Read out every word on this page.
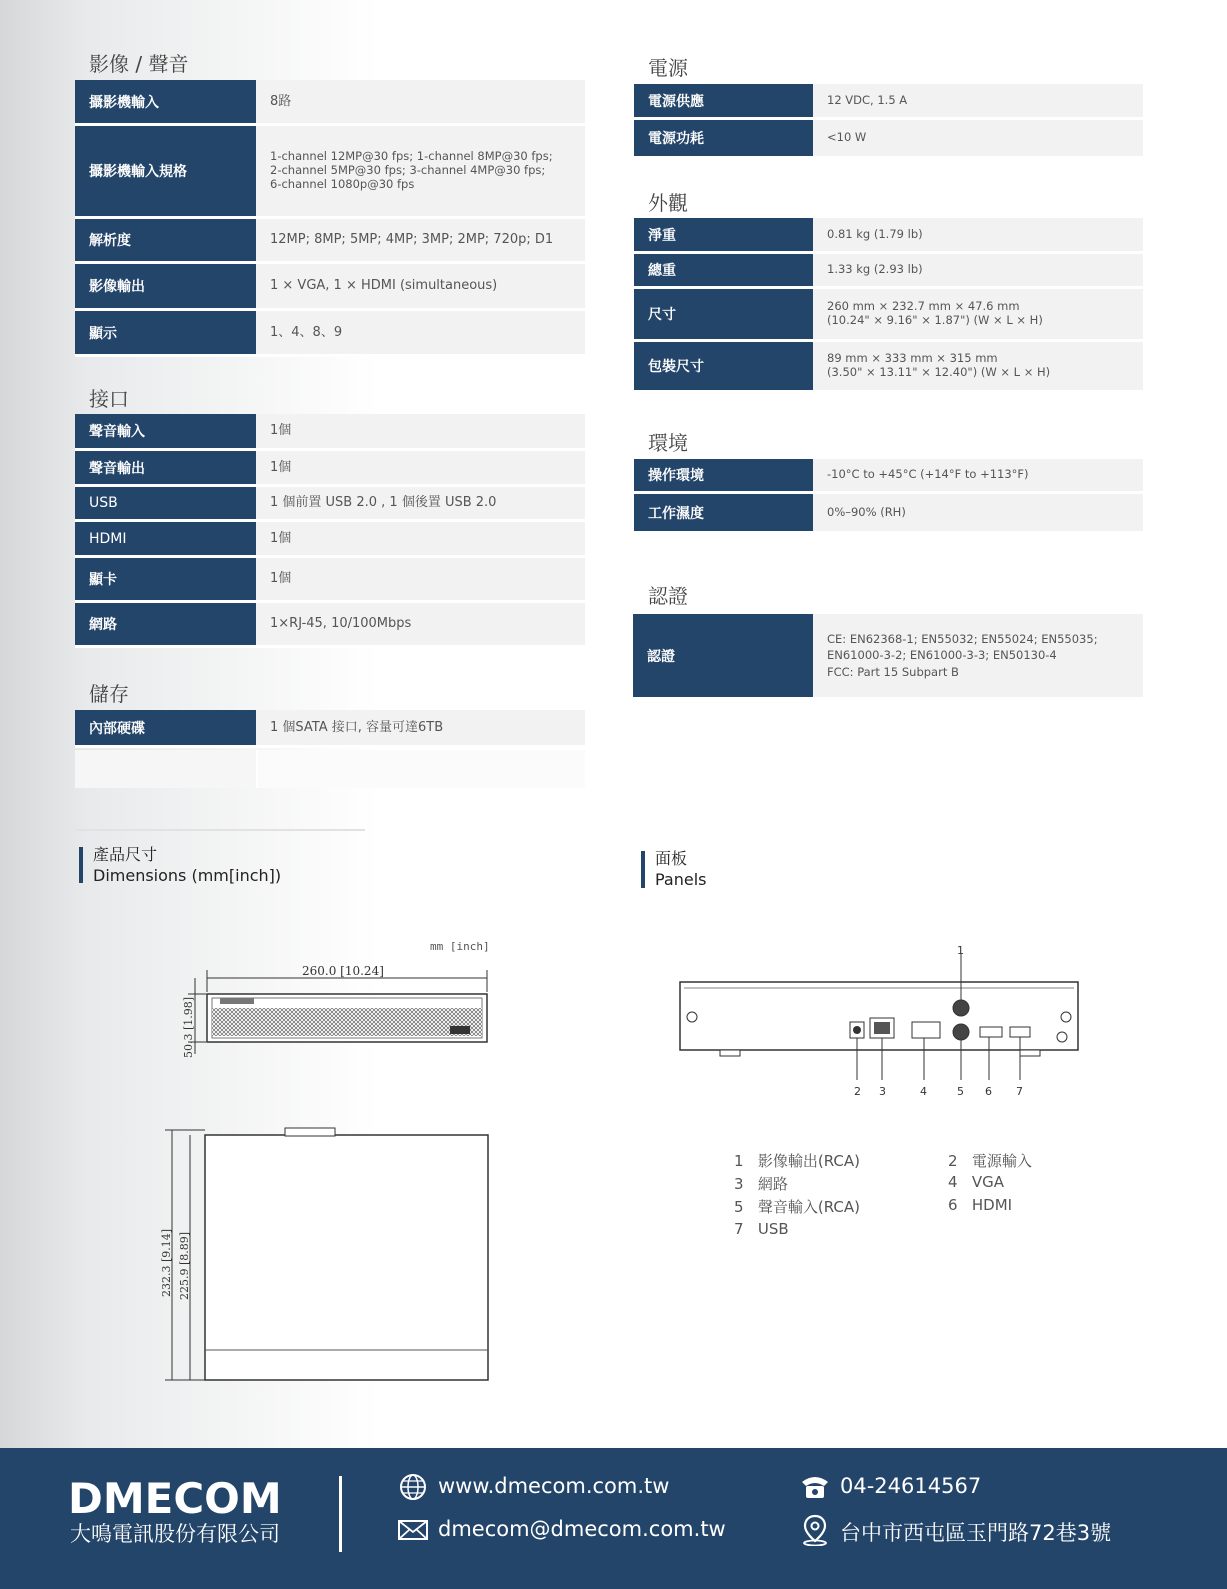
影像 / 聲音
攝影機輸入	8路
攝影機輸入規格
1-channel 12MP@30 fps; 1-channel 8MP@30 fps;
2-channel 5MP@30 fps; 3-channel 4MP@30 fps;
6-channel 1080p@30 fps
解析度	12MP; 8MP; 5MP; 4MP; 3MP; 2MP; 720p; D1
影像輸出	1 × VGA, 1 × HDMI (simultaneous)
顯示	1、4、8、9
接口
聲音輸入	1個
聲音輸出	1個
USB	1 個前置 USB 2.0 , 1 個後置 USB 2.0
HDMI	1個
顯卡	1個
網路	1×RJ-45, 10/100Mbps
儲存
內部硬碟	1 個SATA 接口, 容量可達6TB
電源
電源供應	12 VDC, 1.5 A
電源功耗	<10 W
外觀
淨重	0.81 kg (1.79 lb)
總重	1.33 kg (2.93 lb)
尺寸
260 mm × 232.7 mm × 47.6 mm
(10.24" × 9.16" × 1.87") (W × L × H)
包裝尺寸
89 mm × 333 mm × 315 mm
(3.50" × 13.11" × 12.40") (W × L × H)
環境
操作環境	-10°C to +45°C (+14°F to +113°F)
工作濕度	0%–90% (RH)
認證
認證
CE: EN62368-1; EN55032; EN55024; EN55035;
EN61000-3-2; EN61000-3-3; EN50130-4
FCC: Part 15 Subpart B
產品尺寸
Dimensions (mm[inch])
mm [inch]
260.0 [10.24]
50.3 [1.98]
232.3 [9.14] 225.9 [8.89]
面板
Panels
1
2 3	4	5 6 7
1 影像輸出(RCA)	2 電源輸入
3 網路	4 VGA
5 聲音輸入(RCA)	6 HDMI
7 USB
DMECOM
大鳴電訊股份有限公司
www.dmecom.com.tw
dmecom@dmecom.com.tw
04-24614567
台中市西屯區玉門路72巷3號
